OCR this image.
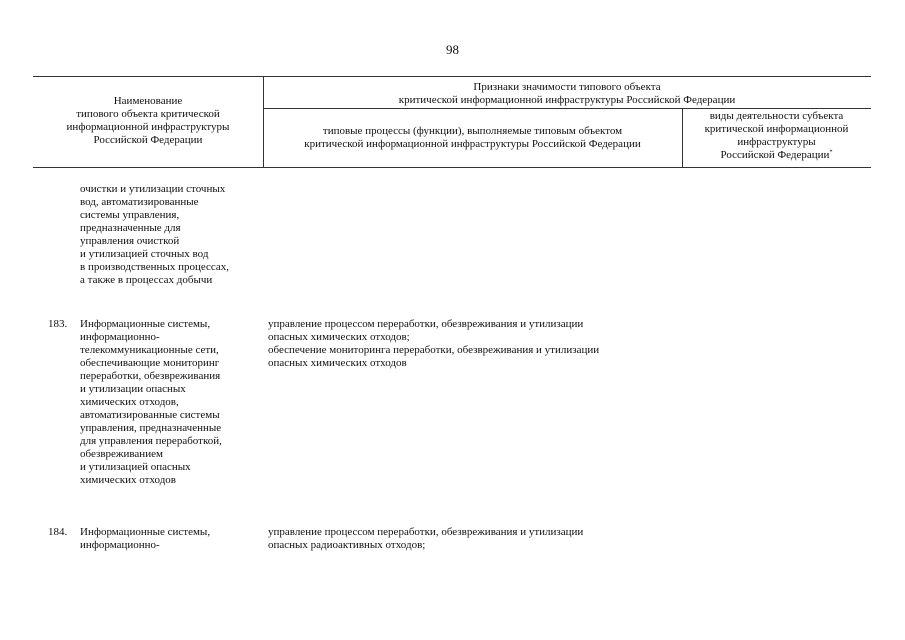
98
Наименование
типового объекта критической
информационной инфраструктуры
Российской Федерации
Признаки значимости типового объекта
критической информационной инфраструктуры Российской Федерации
типовые процессы (функции), выполняемые типовым объектом
критической информационной инфраструктуры Российской Федерации
виды деятельности субъекта
критической информационной
инфраструктуры
Российской Федерации*
очистки и утилизации сточных
вод, автоматизированные
системы управления,
предназначенные для
управления очисткой
и утилизацией сточных вод
в производственных процессах,
а также в процессах добычи
183.	Информационные системы,
информационно-
телекоммуникационные сети,
обеспечивающие мониторинг
переработки, обезвреживания
и утилизации опасных
химических отходов,
автоматизированные системы
управления, предназначенные
для управления переработкой,
обезвреживанием
и утилизацией опасных
химических отходов
управление процессом переработки, обезвреживания и утилизации
опасных химических отходов;
обеспечение мониторинга переработки, обезвреживания и утилизации
опасных химических отходов
184.	Информационные системы,
информационно-
управление процессом переработки, обезвреживания и утилизации
опасных радиоактивных отходов;
